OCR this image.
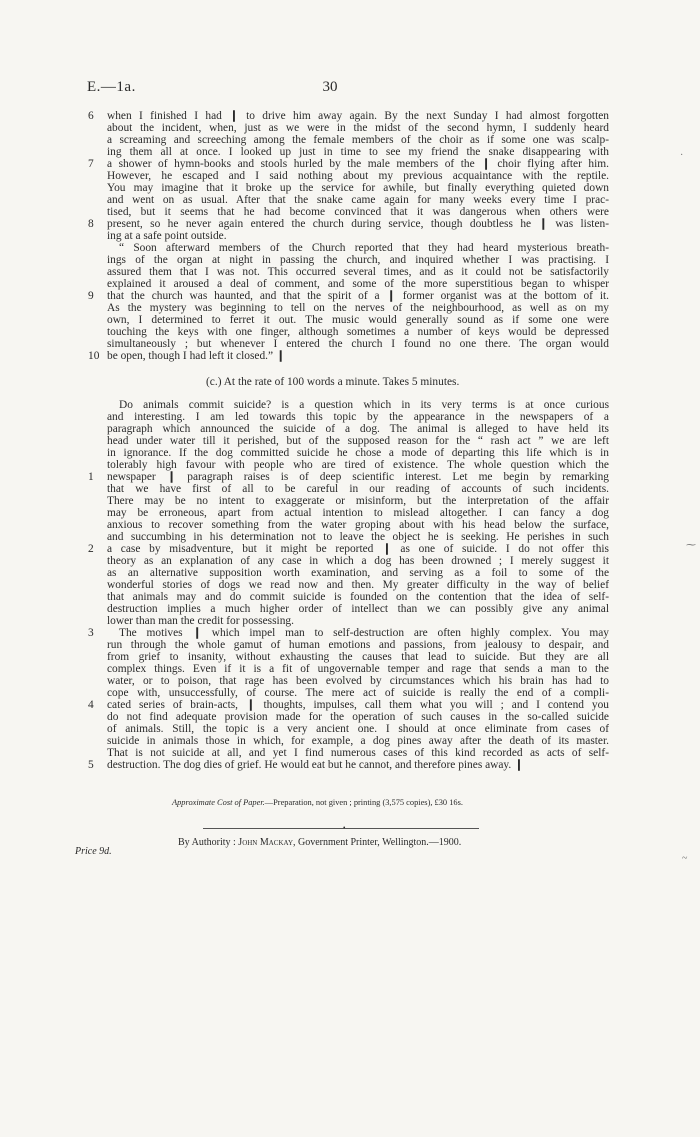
E.—1a.	30
when I finished I had ❙ to drive him away again. By the next Sunday I had almost forgotten
about the incident, when, just as we were in the midst of the second hymn, I suddenly heard
a screaming and screeching among the female members of the choir as if some one was scalp-
ing them all at once. I looked up just in time to see my friend the snake disappearing with
a shower of hymn-books and stools hurled by the male members of the ❙ choir flying after him.
However, he escaped and I said nothing about my previous acquaintance with the reptile.
You may imagine that it broke up the service for awhile, but finally everything quieted down
and went on as usual. After that the snake came again for many weeks every time I prac-
tised, but it seems that he had become convinced that it was dangerous when others were
present, so he never again entered the church during service, though doubtless he ❙ was listen-
ing at a safe point outside.
“ Soon afterward members of the Church reported that they had heard mysterious breath-
ings of the organ at night in passing the church, and inquired whether I was practising. I
assured them that I was not. This occurred several times, and as it could not be satisfactorily
explained it aroused a deal of comment, and some of the more superstitious began to whisper
that the church was haunted, and that the spirit of a ❙ former organist was at the bottom of it.
As the mystery was beginning to tell on the nerves of the neighbourhood, as well as on my
own, I determined to ferret it out. The music would generally sound as if some one were
touching the keys with one finger, although sometimes a number of keys would be depressed
simultaneously ; but whenever I entered the church I found no one there. The organ would
be open, though I had left it closed.” ❙
6
7
8
9
10
(c.) At the rate of 100 words a minute. Takes 5 minutes.
Do animals commit suicide? is a question which in its very terms is at once curious
and interesting. I am led towards this topic by the appearance in the newspapers of a
paragraph which announced the suicide of a dog. The animal is alleged to have held its
head under water till it perished, but of the supposed reason for the “ rash act ” we are left
in ignorance. If the dog committed suicide he chose a mode of departing this life which is in
tolerably high favour with people who are tired of existence. The whole question which the
newspaper ❙ paragraph raises is of deep scientific interest. Let me begin by remarking
that we have first of all to be careful in our reading of accounts of such incidents.
There may be no intent to exaggerate or misinform, but the interpretation of the affair
may be erroneous, apart from actual intention to mislead altogether. I can fancy a dog
anxious to recover something from the water groping about with his head below the surface,
and succumbing in his determination not to leave the object he is seeking. He perishes in such
a case by misadventure, but it might be reported ❙ as one of suicide. I do not offer this
theory as an explanation of any case in which a dog has been drowned ; I merely suggest it
as an alternative supposition worth examination, and serving as a foil to some of the
wonderful stories of dogs we read now and then. My greater difficulty in the way of belief
that animals may and do commit suicide is founded on the contention that the idea of self-
destruction implies a much higher order of intellect than we can possibly give any animal
lower than man the credit for possessing.
The motives ❙ which impel man to self-destruction are often highly complex. You may
run through the whole gamut of human emotions and passions, from jealousy to despair, and
from grief to insanity, without exhausting the causes that lead to suicide. But they are all
complex things. Even if it is a fit of ungovernable temper and rage that sends a man to the
water, or to poison, that rage has been evolved by circumstances which his brain has had to
cope with, unsuccessfully, of course. The mere act of suicide is really the end of a compli-
cated series of brain-acts, ❙ thoughts, impulses, call them what you will ; and I contend you
do not find adequate provision made for the operation of such causes in the so-called suicide
of animals. Still, the topic is a very ancient one. I should at once eliminate from cases of
suicide in animals those in which, for example, a dog pines away after the death of its master.
That is not suicide at all, and yet I find numerous cases of this kind recorded as acts of self-
destruction. The dog dies of grief. He would eat but he cannot, and therefore pines away. ❙
1
2
3
4
5
Approximate Cost of Paper.—Preparation, not given ; printing (3,575 copies), £30 16s.
•
By Authority : John Mackay, Government Printer, Wellington.—1900.
Price 9d.
·
⁓
~
